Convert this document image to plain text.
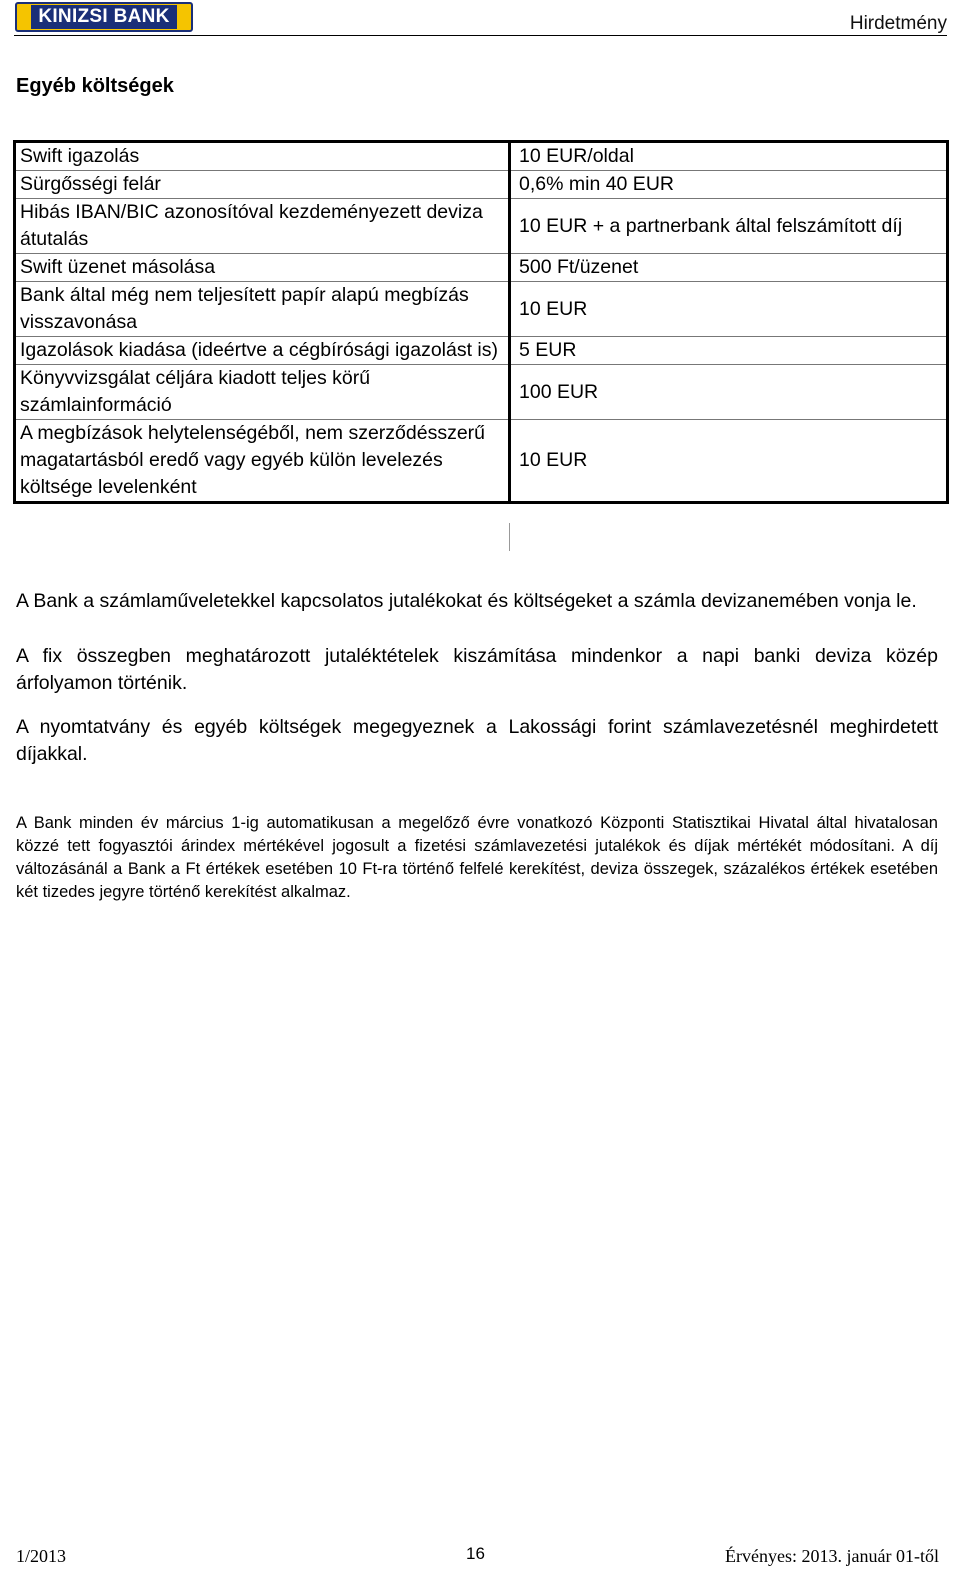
KINIZSI BANK	Hirdetmény
Egyéb költségek
Swift igazolás	10 EUR/oldal
Sürgősségi felár	0,6% min 40 EUR
Hibás IBAN/BIC azonosítóval kezdeményezett deviza átutalás	10 EUR + a partnerbank által felszámított díj
Swift üzenet másolása	500 Ft/üzenet
Bank által még nem teljesített papír alapú megbízás visszavonása	10 EUR
Igazolások kiadása (ideértve a cégbírósági igazolást is)	5 EUR
Könyvvizsgálat céljára kiadott teljes körű számlainformáció	100 EUR
A megbízások helytelenségéből, nem szerződésszerű magatartásból eredő vagy egyéb külön levelezés költsége levelenként	10 EUR

A Bank a számlaműveletekkel kapcsolatos jutalékokat és költségeket a számla devizanemében vonja le.

A fix összegben meghatározott jutaléktételek kiszámítása mindenkor a napi banki deviza közép árfolyamon történik.

A nyomtatvány és egyéb költségek megegyeznek a Lakossági forint számlavezetésnél meghirdetett díjakkal.

A Bank minden év március 1-ig automatikusan a megelőző évre vonatkozó Központi Statisztikai Hivatal által hivatalosan közzé tett fogyasztói árindex mértékével jogosult a fizetési számlavezetési jutalékok és díjak mértékét módosítani. A díj változásánál a Bank a Ft értékek esetében 10 Ft-ra történő felfelé kerekítést, deviza összegek, százalékos értékek esetében két tizedes jegyre történő kerekítést alkalmaz.

1/2013	16	Érvényes: 2013. január 01-től
